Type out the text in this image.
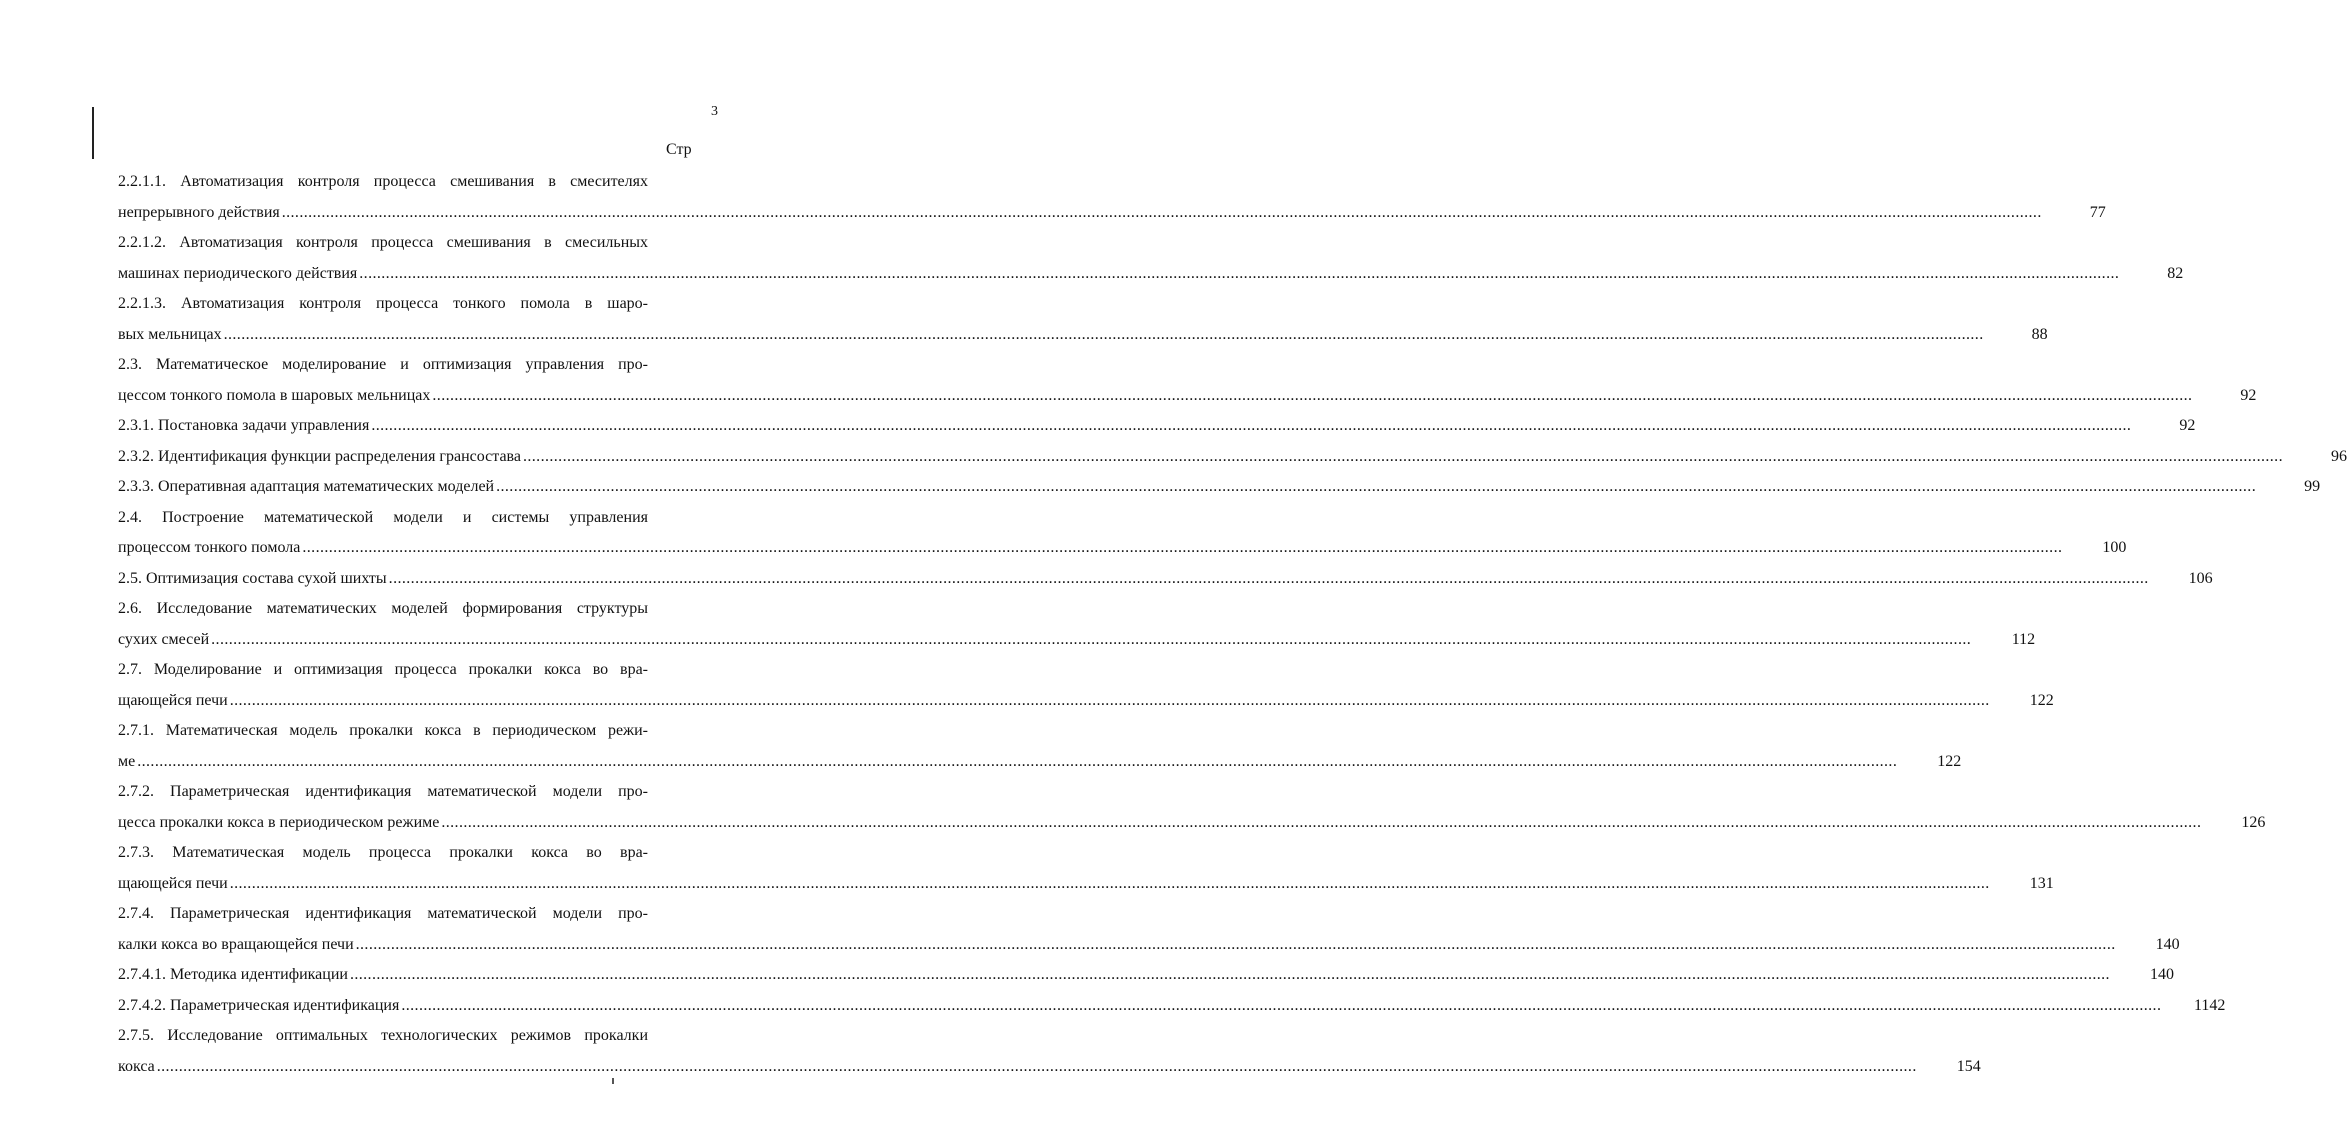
3
Стр
2.2.1.1. Автоматизация контроля процесса смешивания в смесителях
непрерывного действия ................................................................................................................................................................................................................................................................................................................................................................................................................	77
2.2.1.2. Автоматизация контроля процесса смешивания в смесильных
машинах периодического действия ................................................................................................................................................................................................................................................................................................................................................................................................................	82
2.2.1.3. Автоматизация контроля процесса тонкого помола в шаро-
вых мельницах ................................................................................................................................................................................................................................................................................................................................................................................................................	88
2.3. Математическое моделирование и оптимизация управления про-
цессом тонкого помола в шаровых мельницах ................................................................................................................................................................................................................................................................................................................................................................................................................	92
2.3.1. Постановка задачи управления ................................................................................................................................................................................................................................................................................................................................................................................................................	92
2.3.2. Идентификация функции распределения грансостава ................................................................................................................................................................................................................................................................................................................................................................................................................	96
2.3.3. Оперативная адаптация математических моделей ................................................................................................................................................................................................................................................................................................................................................................................................................	99
2.4. Построение математической модели и системы управления
процессом тонкого помола ................................................................................................................................................................................................................................................................................................................................................................................................................	100
2.5. Оптимизация состава сухой шихты ................................................................................................................................................................................................................................................................................................................................................................................................................	106
2.6. Исследование математических моделей формирования структуры
сухих смесей ................................................................................................................................................................................................................................................................................................................................................................................................................	112
2.7. Моделирование и оптимизация процесса прокалки кокса во вра-
щающейся печи ................................................................................................................................................................................................................................................................................................................................................................................................................	122
2.7.1. Математическая модель прокалки кокса в периодическом режи-
ме ................................................................................................................................................................................................................................................................................................................................................................................................................	122
2.7.2. Параметрическая идентификация математической модели про-
цесса прокалки кокса в периодическом режиме ................................................................................................................................................................................................................................................................................................................................................................................................................	126
2.7.3. Математическая модель процесса прокалки кокса во вра-
щающейся печи ................................................................................................................................................................................................................................................................................................................................................................................................................	131
2.7.4. Параметрическая идентификация математической модели про-
калки кокса во вращающейся печи ................................................................................................................................................................................................................................................................................................................................................................................................................	140
2.7.4.1. Методика идентификации ................................................................................................................................................................................................................................................................................................................................................................................................................	140
2.7.4.2. Параметрическая идентификация ................................................................................................................................................................................................................................................................................................................................................................................................................	1142
2.7.5. Исследование оптимальных технологических режимов прокалки
кокса ................................................................................................................................................................................................................................................................................................................................................................................................................	154
